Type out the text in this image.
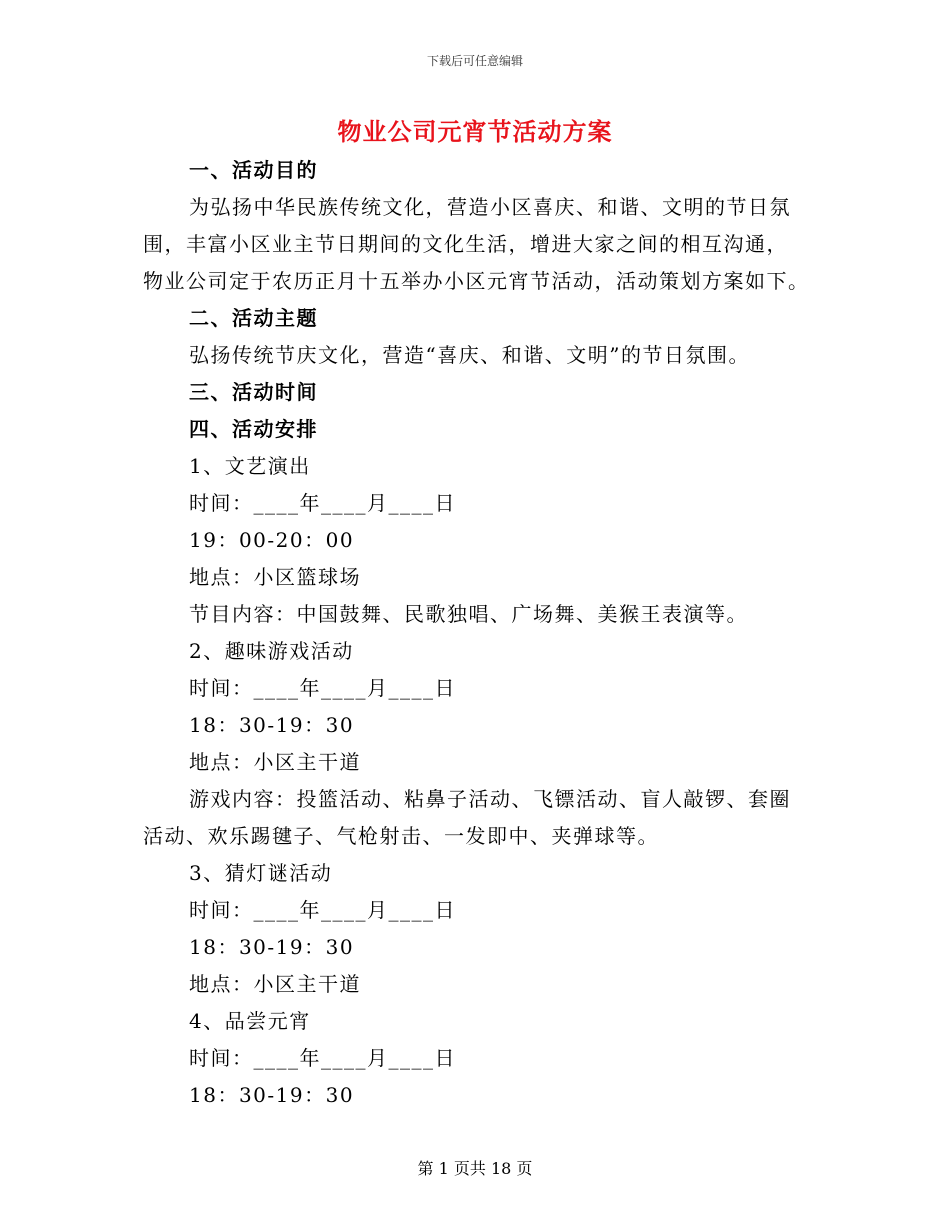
下载后可任意编辑
物业公司元宵节活动方案
一、活动目的
为弘扬中华民族传统文化，营造小区喜庆、和谐、文明的节日氛
围，丰富小区业主节日期间的文化生活，增进大家之间的相互沟通，
物业公司定于农历正月十五举办小区元宵节活动，活动策划方案如下。
二、活动主题
弘扬传统节庆文化，营造“喜庆、和谐、文明”的节日氛围。
三、活动时间
四、活动安排
1、文艺演出
时间：____年____月____日
19：00-20：00
地点：小区篮球场
节目内容：中国鼓舞、民歌独唱、广场舞、美猴王表演等。
2、趣味游戏活动
时间：____年____月____日
18：30-19：30
地点：小区主干道
游戏内容：投篮活动、粘鼻子活动、飞镖活动、盲人敲锣、套圈
活动、欢乐踢毽子、气枪射击、一发即中、夹弹球等。
3、猜灯谜活动
时间：____年____月____日
18：30-19：30
地点：小区主干道
4、品尝元宵
时间：____年____月____日
18：30-19：30
第 1 页共 18 页
